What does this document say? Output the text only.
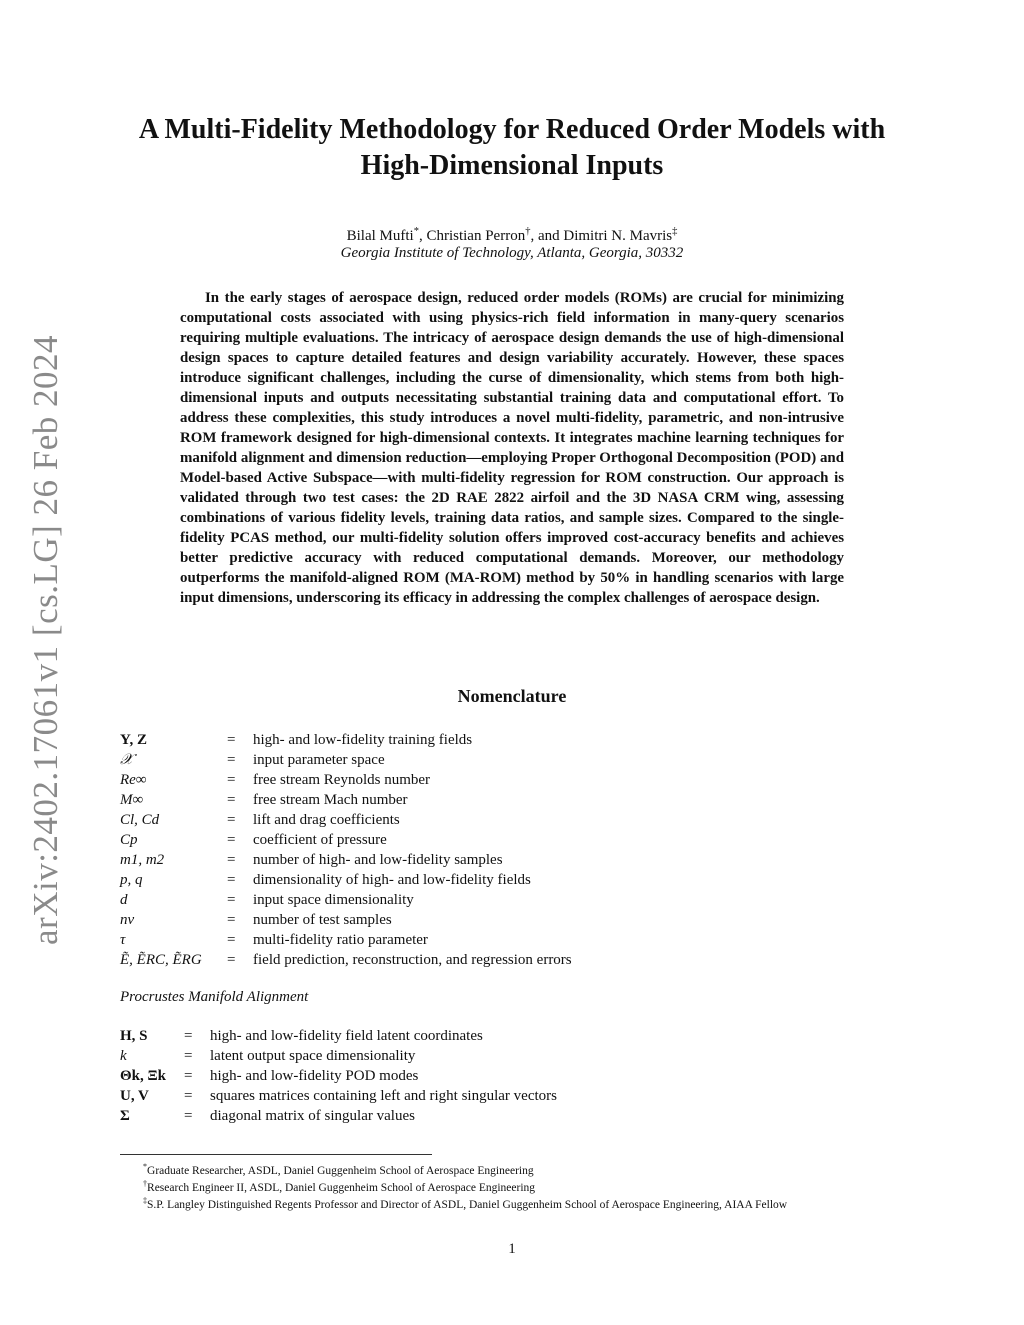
arXiv:2402.17061v1 [cs.LG] 26 Feb 2024
A Multi-Fidelity Methodology for Reduced Order Models with High-Dimensional Inputs
Bilal Mufti*, Christian Perron†, and Dimitri N. Mavris‡
Georgia Institute of Technology, Atlanta, Georgia, 30332

In the early stages of aerospace design, reduced order models (ROMs) are crucial for minimizing computational costs associated with using physics-rich field information in many-query scenarios requiring multiple evaluations. The intricacy of aerospace design demands the use of high-dimensional design spaces to capture detailed features and design variability accurately. However, these spaces introduce significant challenges, including the curse of dimensionality, which stems from both high-dimensional inputs and outputs necessitating substantial training data and computational effort. To address these complexities, this study introduces a novel multi-fidelity, parametric, and non-intrusive ROM framework designed for high-dimensional contexts. It integrates machine learning techniques for manifold alignment and dimension reduction—employing Proper Orthogonal Decomposition (POD) and Model-based Active Subspace—with multi-fidelity regression for ROM construction. Our approach is validated through two test cases: the 2D RAE 2822 airfoil and the 3D NASA CRM wing, assessing combinations of various fidelity levels, training data ratios, and sample sizes. Compared to the single-fidelity PCAS method, our multi-fidelity solution offers improved cost-accuracy benefits and achieves better predictive accuracy with reduced computational demands. Moreover, our methodology outperforms the manifold-aligned ROM (MA-ROM) method by 50% in handling scenarios with large input dimensions, underscoring its efficacy in addressing the complex challenges of aerospace design.

Nomenclature
Y, Z	= high- and low-fidelity training fields
𝒳	= input parameter space
Re∞	= free stream Reynolds number
M∞	= free stream Mach number
Cl, Cd	= lift and drag coefficients
Cp	= coefficient of pressure
m1, m2	= number of high- and low-fidelity samples
p, q	= dimensionality of high- and low-fidelity fields
d	= input space dimensionality
nv	= number of test samples
τ	= multi-fidelity ratio parameter
Ẽ, ẼRC, ẼRG = field prediction, reconstruction, and regression errors
Procrustes Manifold Alignment
H, S = high- and low-fidelity field latent coordinates
k	= latent output space dimensionality
Θk, Ξk = high- and low-fidelity POD modes
U, V = squares matrices containing left and right singular vectors
Σ	= diagonal matrix of singular values
*Graduate Researcher, ASDL, Daniel Guggenheim School of Aerospace Engineering
†Research Engineer II, ASDL, Daniel Guggenheim School of Aerospace Engineering
‡S.P. Langley Distinguished Regents Professor and Director of ASDL, Daniel Guggenheim School of Aerospace Engineering, AIAA Fellow
1
